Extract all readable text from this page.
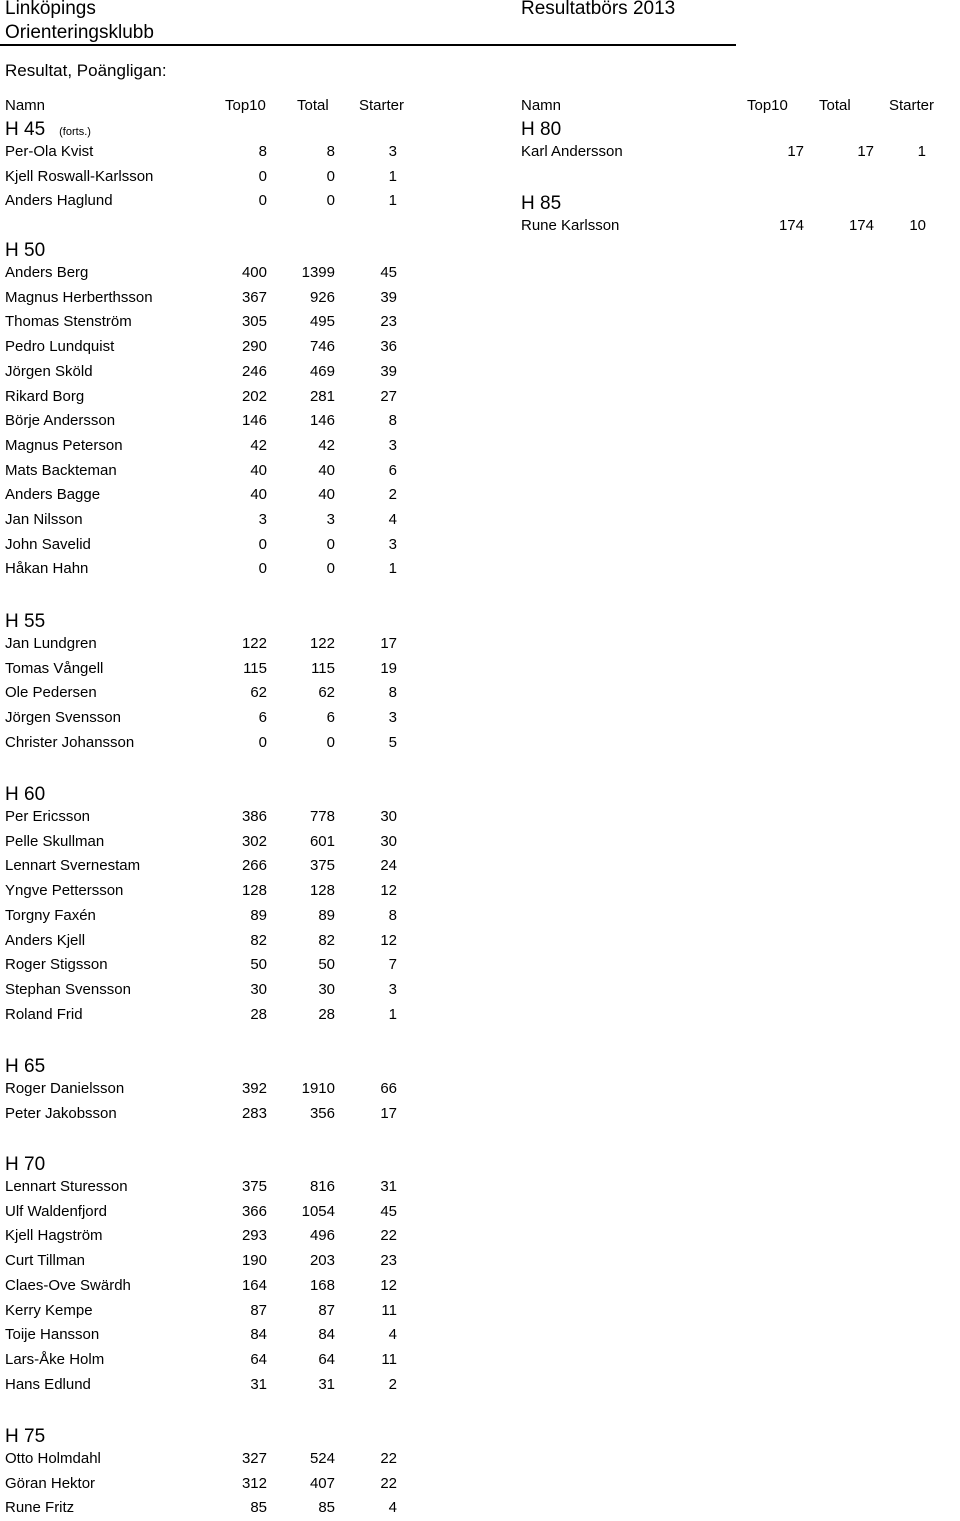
Linköpings
Orienteringsklubb
Resultatbörs 2013
Resultat, Poängligan:
Namn	Top10 Total Starter	Namn	Top10 Total	Starter
H 45 (forts.)
Per-Ola Kvist	8	8	3
Kjell Roswall-Karlsson	0	0	1
Anders Haglund	0	0	1
H 50
Anders Berg	400	1399	45
Magnus Herberthsson	367	926	39
Thomas Stenström	305	495	23
Pedro Lundquist	290	746	36
Jörgen Sköld	246	469	39
Rikard Borg	202	281	27
Börje Andersson	146	146	8
Magnus Peterson	42	42	3
Mats Backteman	40	40	6
Anders Bagge	40	40	2
Jan Nilsson	3	3	4
John Savelid	0	0	3
Håkan Hahn	0	0	1
H 55
Jan Lundgren	122	122	17
Tomas Vångell	115	115	19
Ole Pedersen	62	62	8
Jörgen Svensson	6	6	3
Christer Johansson	0	0	5
H 60
Per Ericsson	386	778	30
Pelle Skullman	302	601	30
Lennart Svernestam	266	375	24
Yngve Pettersson	128	128	12
Torgny Faxén	89	89	8
Anders Kjell	82	82	12
Roger Stigsson	50	50	7
Stephan Svensson	30	30	3
Roland Frid	28	28	1
H 65
Roger Danielsson	392	1910	66
Peter Jakobsson	283	356	17
H 70
Lennart Sturesson	375	816	31
Ulf Waldenfjord	366	1054	45
Kjell Hagström	293	496	22
Curt Tillman	190	203	23
Claes-Ove Swärdh	164	168	12
Kerry Kempe	87	87	11
Toije Hansson	84	84	4
Lars-Åke Holm	64	64	11
Hans Edlund	31	31	2
H 75
Otto Holmdahl	327	524	22
Göran Hektor	312	407	22
Rune Fritz	85	85	4
H 80
Karl Andersson	17	17	1
H 85
Rune Karlsson	174	174	10
